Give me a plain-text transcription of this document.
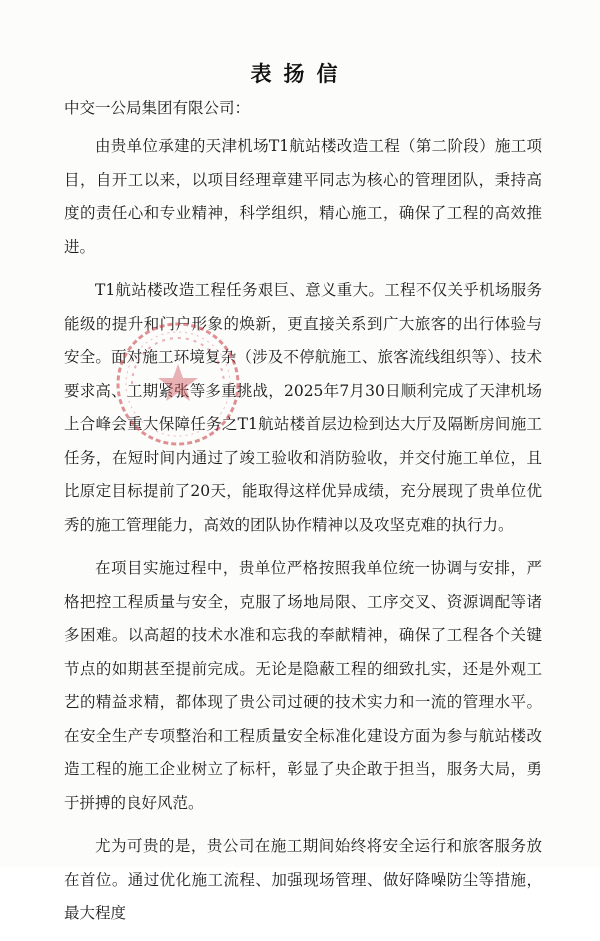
表扬信
中交一公局集团有限公司：

由贵单位承建的天津机场T1航站楼改造工程（第二阶段）施工项目，自开工以来，以项目经理章建平同志为核心的管理团队，秉持高度的责任心和专业精神，科学组织，精心施工，确保了工程的高效推进。

T1航站楼改造工程任务艰巨、意义重大。工程不仅关乎机场服务能级的提升和门户形象的焕新，更直接关系到广大旅客的出行体验与安全。面对施工环境复杂（涉及不停航施工、旅客流线组织等）、技术要求高、工期紧张等多重挑战，2025年7月30日顺利完成了天津机场上合峰会重大保障任务之T1航站楼首层边检到达大厅及隔断房间施工任务，在短时间内通过了竣工验收和消防验收，并交付施工单位，且比原定目标提前了20天，能取得这样优异成绩，充分展现了贵单位优秀的施工管理能力，高效的团队协作精神以及攻坚克难的执行力。

在项目实施过程中，贵单位严格按照我单位统一协调与安排，严格把控工程质量与安全，克服了场地局限、工序交叉、资源调配等诸多困难。以高超的技术水准和忘我的奉献精神，确保了工程各个关键节点的如期甚至提前完成。无论是隐蔽工程的细致扎实，还是外观工艺的精益求精，都体现了贵公司过硬的技术实力和一流的管理水平。在安全生产专项整治和工程质量安全标准化建设方面为参与航站楼改造工程的施工企业树立了标杆，彰显了央企敢于担当，服务大局，勇于拼搏的良好风范。

尤为可贵的是，贵公司在施工期间始终将安全运行和旅客服务放在首位。通过优化施工流程、加强现场管理、做好降噪防尘等措施，最大程度
